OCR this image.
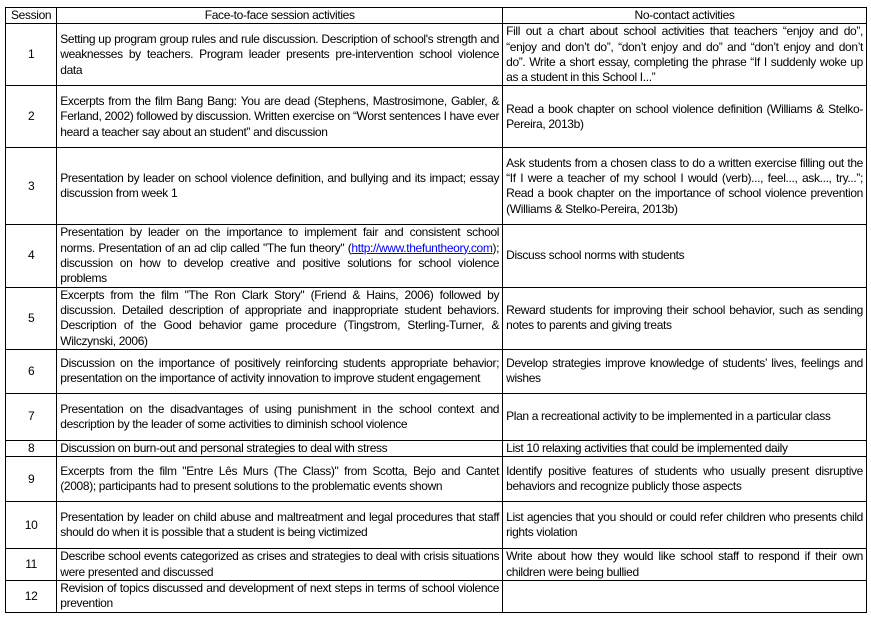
Session	Face-to-face session activities	No-contact activities
1	Setting up program group rules and rule discussion. Description of school's strength and weaknesses by teachers. Program leader presents pre-intervention school violence data	Fill out a chart about school activities that teachers “enjoy and do”, “enjoy and don’t do”, “don’t enjoy and do” and “don’t enjoy and don’t do”. Write a short essay, completing the phrase “If I suddenly woke up as a student in this School I...”
2	Excerpts from the film Bang Bang: You are dead (Stephens, Mastrosimone, Gabler, & Ferland, 2002) followed by discussion. Written exercise on “Worst sentences I have ever heard a teacher say about an student” and discussion	Read a book chapter on school violence definition (Williams & Stelko-Pereira, 2013b)
3	Presentation by leader on school violence definition, and bullying and its impact; essay discussion from week 1	Ask students from a chosen class to do a written exercise filling out the “If I were a teacher of my school I would (verb)..., feel..., ask..., try...”; Read a book chapter on the importance of school violence prevention (Williams & Stelko-Pereira, 2013b)
4	Presentation by leader on the importance to implement fair and consistent school norms. Presentation of an ad clip called "The fun theory" (http://www.thefuntheory.com); discussion on how to develop creative and positive solutions for school violence problems	Discuss school norms with students
5	Excerpts from the film "The Ron Clark Story" (Friend & Hains, 2006) followed by discussion. Detailed description of appropriate and inappropriate student behaviors. Description of the Good behavior game procedure (Tingstrom, Sterling-Turner, & Wilczynski, 2006)	Reward students for improving their school behavior, such as sending notes to parents and giving treats
6	Discussion on the importance of positively reinforcing students appropriate behavior; presentation on the importance of activity innovation to improve student engagement	Develop strategies improve knowledge of students’ lives, feelings and wishes
7	Presentation on the disadvantages of using punishment in the school context and description by the leader of some activities to diminish school violence	Plan a recreational activity to be implemented in a particular class
8	Discussion on burn-out and personal strategies to deal with stress	List 10 relaxing activities that could be implemented daily
9	Excerpts from the film "Entre Lês Murs (The Class)" from Scotta, Bejo and Cantet (2008); participants had to present solutions to the problematic events shown	Identify positive features of students who usually present disruptive behaviors and recognize publicly those aspects
10	Presentation by leader on child abuse and maltreatment and legal procedures that staff should do when it is possible that a student is being victimized	List agencies that you should or could refer children who presents child rights violation
11	Describe school events categorized as crises and strategies to deal with crisis situations were presented and discussed	Write about how they would like school staff to respond if their own children were being bullied
12	Revision of topics discussed and development of next steps in terms of school violence prevention	
